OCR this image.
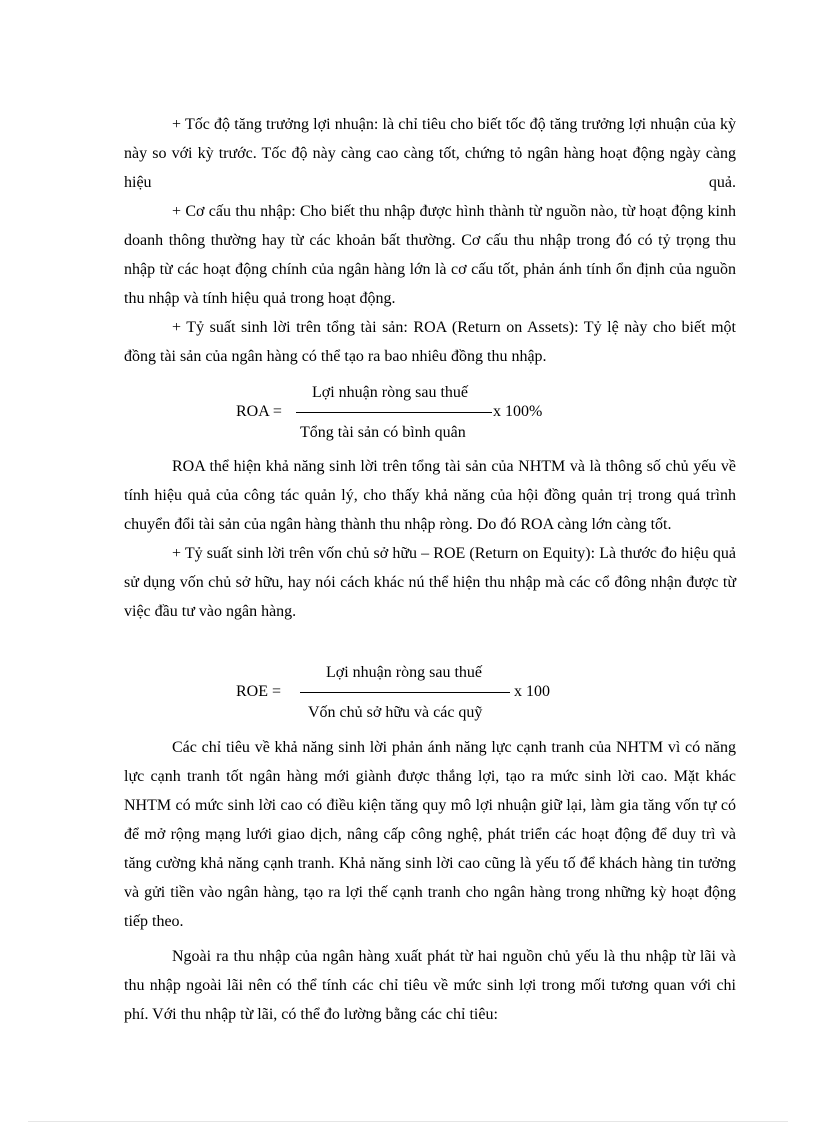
+ Tốc độ tăng trưởng lợi nhuận: là chỉ tiêu cho biết tốc độ tăng trưởng lợi nhuận của kỳ này so với kỳ trước. Tốc độ này càng cao càng tốt, chứng tỏ ngân hàng hoạt động ngày càng hiệu quả.

+ Cơ cấu thu nhập: Cho biết thu nhập được hình thành từ nguồn nào, từ hoạt động kinh doanh thông thường hay từ các khoản bất thường. Cơ cấu thu nhập trong đó có tỷ trọng thu nhập từ các hoạt động chính của ngân hàng lớn là cơ cấu tốt, phản ánh tính ổn định của nguồn thu nhập và tính hiệu quả trong hoạt động.

+ Tỷ suất sinh lời trên tổng tài sản: ROA (Return on Assets): Tỷ lệ này cho biết một đồng tài sản của ngân hàng có thể tạo ra bao nhiêu đồng thu nhập.

ROA =
Lợi nhuận ròng sau thuế
Tổng tài sản có bình quân
x 100%

ROA thể hiện khả năng sinh lời trên tổng tài sản của NHTM và là thông số chủ yếu về tính hiệu quả của công tác quản lý, cho thấy khả năng của hội đồng quản trị trong quá trình chuyển đổi tài sản của ngân hàng thành thu nhập ròng. Do đó ROA càng lớn càng tốt.

+ Tỷ suất sinh lời trên vốn chủ sở hữu – ROE (Return on Equity): Là thước đo hiệu quả sử dụng vốn chủ sở hữu, hay nói cách khác nú thể hiện thu nhập mà các cổ đông nhận được từ việc đầu tư vào ngân hàng.

ROE =
Lợi nhuận ròng sau thuế
Vốn chủ sở hữu và các quỹ
x 100

Các chỉ tiêu về khả năng sinh lời phản ánh năng lực cạnh tranh của NHTM vì có năng lực cạnh tranh tốt ngân hàng mới giành được thắng lợi, tạo ra mức sinh lời cao. Mặt khác NHTM có mức sinh lời cao có điều kiện tăng quy mô lợi nhuận giữ lại, làm gia tăng vốn tự có để mở rộng mạng lưới giao dịch, nâng cấp công nghệ, phát triển các hoạt động để duy trì và tăng cường khả năng cạnh tranh. Khả năng sinh lời cao cũng là yếu tố để khách hàng tin tưởng và gửi tiền vào ngân hàng, tạo ra lợi thế cạnh tranh cho ngân hàng trong những kỳ hoạt động tiếp theo.

Ngoài ra thu nhập của ngân hàng xuất phát từ hai nguồn chủ yếu là thu nhập từ lãi và thu nhập ngoài lãi nên có thể tính các chỉ tiêu về mức sinh lợi trong mối tương quan với chi phí. Với thu nhập từ lãi, có thể đo lường bằng các chỉ tiêu:
